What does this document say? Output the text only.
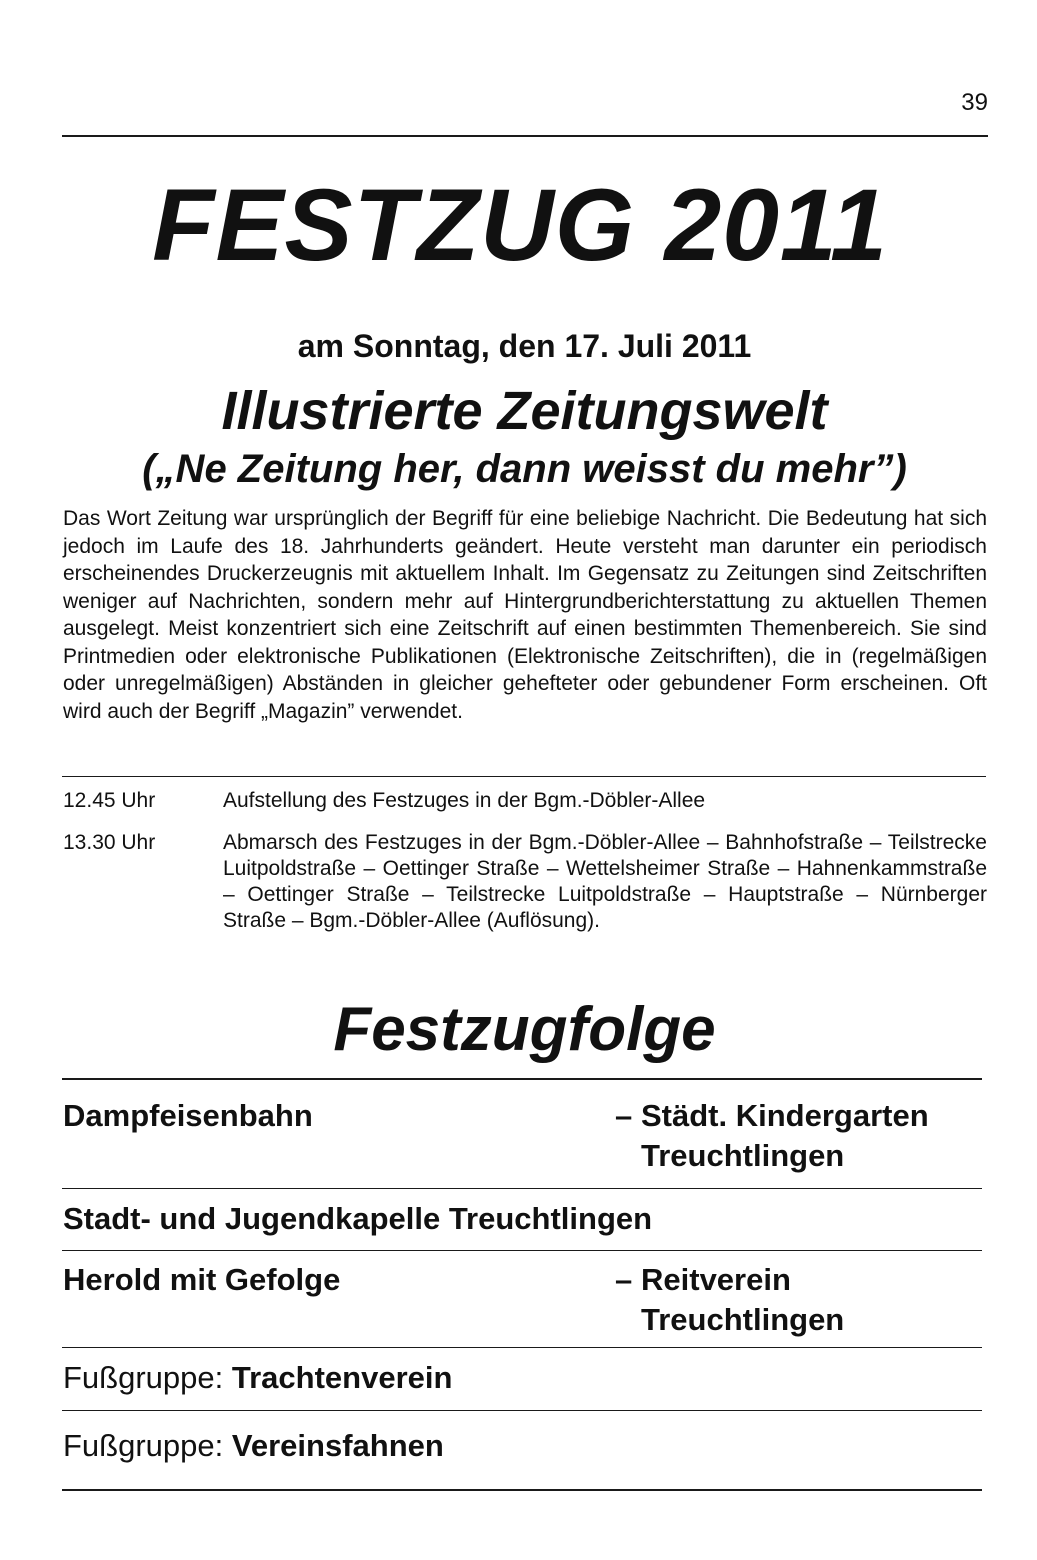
39
FESTZUG 2011
am Sonntag, den 17. Juli 2011
Illustrierte Zeitungswelt
(„Ne Zeitung her, dann weisst du mehr”)
Das Wort Zeitung war ursprünglich der Begriff für eine beliebige Nachricht. Die Bedeutung hat sich jedoch im Laufe des 18. Jahrhunderts geändert. Heute versteht man darunter ein periodisch erscheinendes Druckerzeugnis mit aktuellem Inhalt. Im Gegensatz zu Zeitungen sind Zeitschriften weniger auf Nachrichten, sondern mehr auf Hintergrundberichterstattung zu aktuellen Themen ausgelegt. Meist konzentriert sich eine Zeitschrift auf einen bestimmten Themenbereich. Sie sind Printmedien oder elektronische Publikationen (Elektronische Zeitschriften), die in (regelmäßigen oder unregelmäßigen) Abständen in gleicher gehefteter oder gebundener Form erscheinen. Oft wird auch der Begriff „Magazin” verwendet.
12.45 Uhr	Aufstellung des Festzuges in der Bgm.-Döbler-Allee
13.30 Uhr	Abmarsch des Festzuges in der Bgm.-Döbler-Allee – Bahnhofstraße – Teilstrecke Luitpoldstraße – Oettinger Straße – Wettelsheimer Straße – Hahnenkammstraße – Oettinger Straße – Teilstrecke Luitpoldstraße – Hauptstraße – Nürnberger Straße – Bgm.-Döbler-Allee (Auflösung).
Festzugfolge
Dampfeisenbahn	– Städt. Kindergarten
Treuchtlingen
Stadt- und Jugendkapelle Treuchtlingen
Herold mit Gefolge	– Reitverein
Treuchtlingen
Fußgruppe: Trachtenverein
Fußgruppe: Vereinsfahnen
